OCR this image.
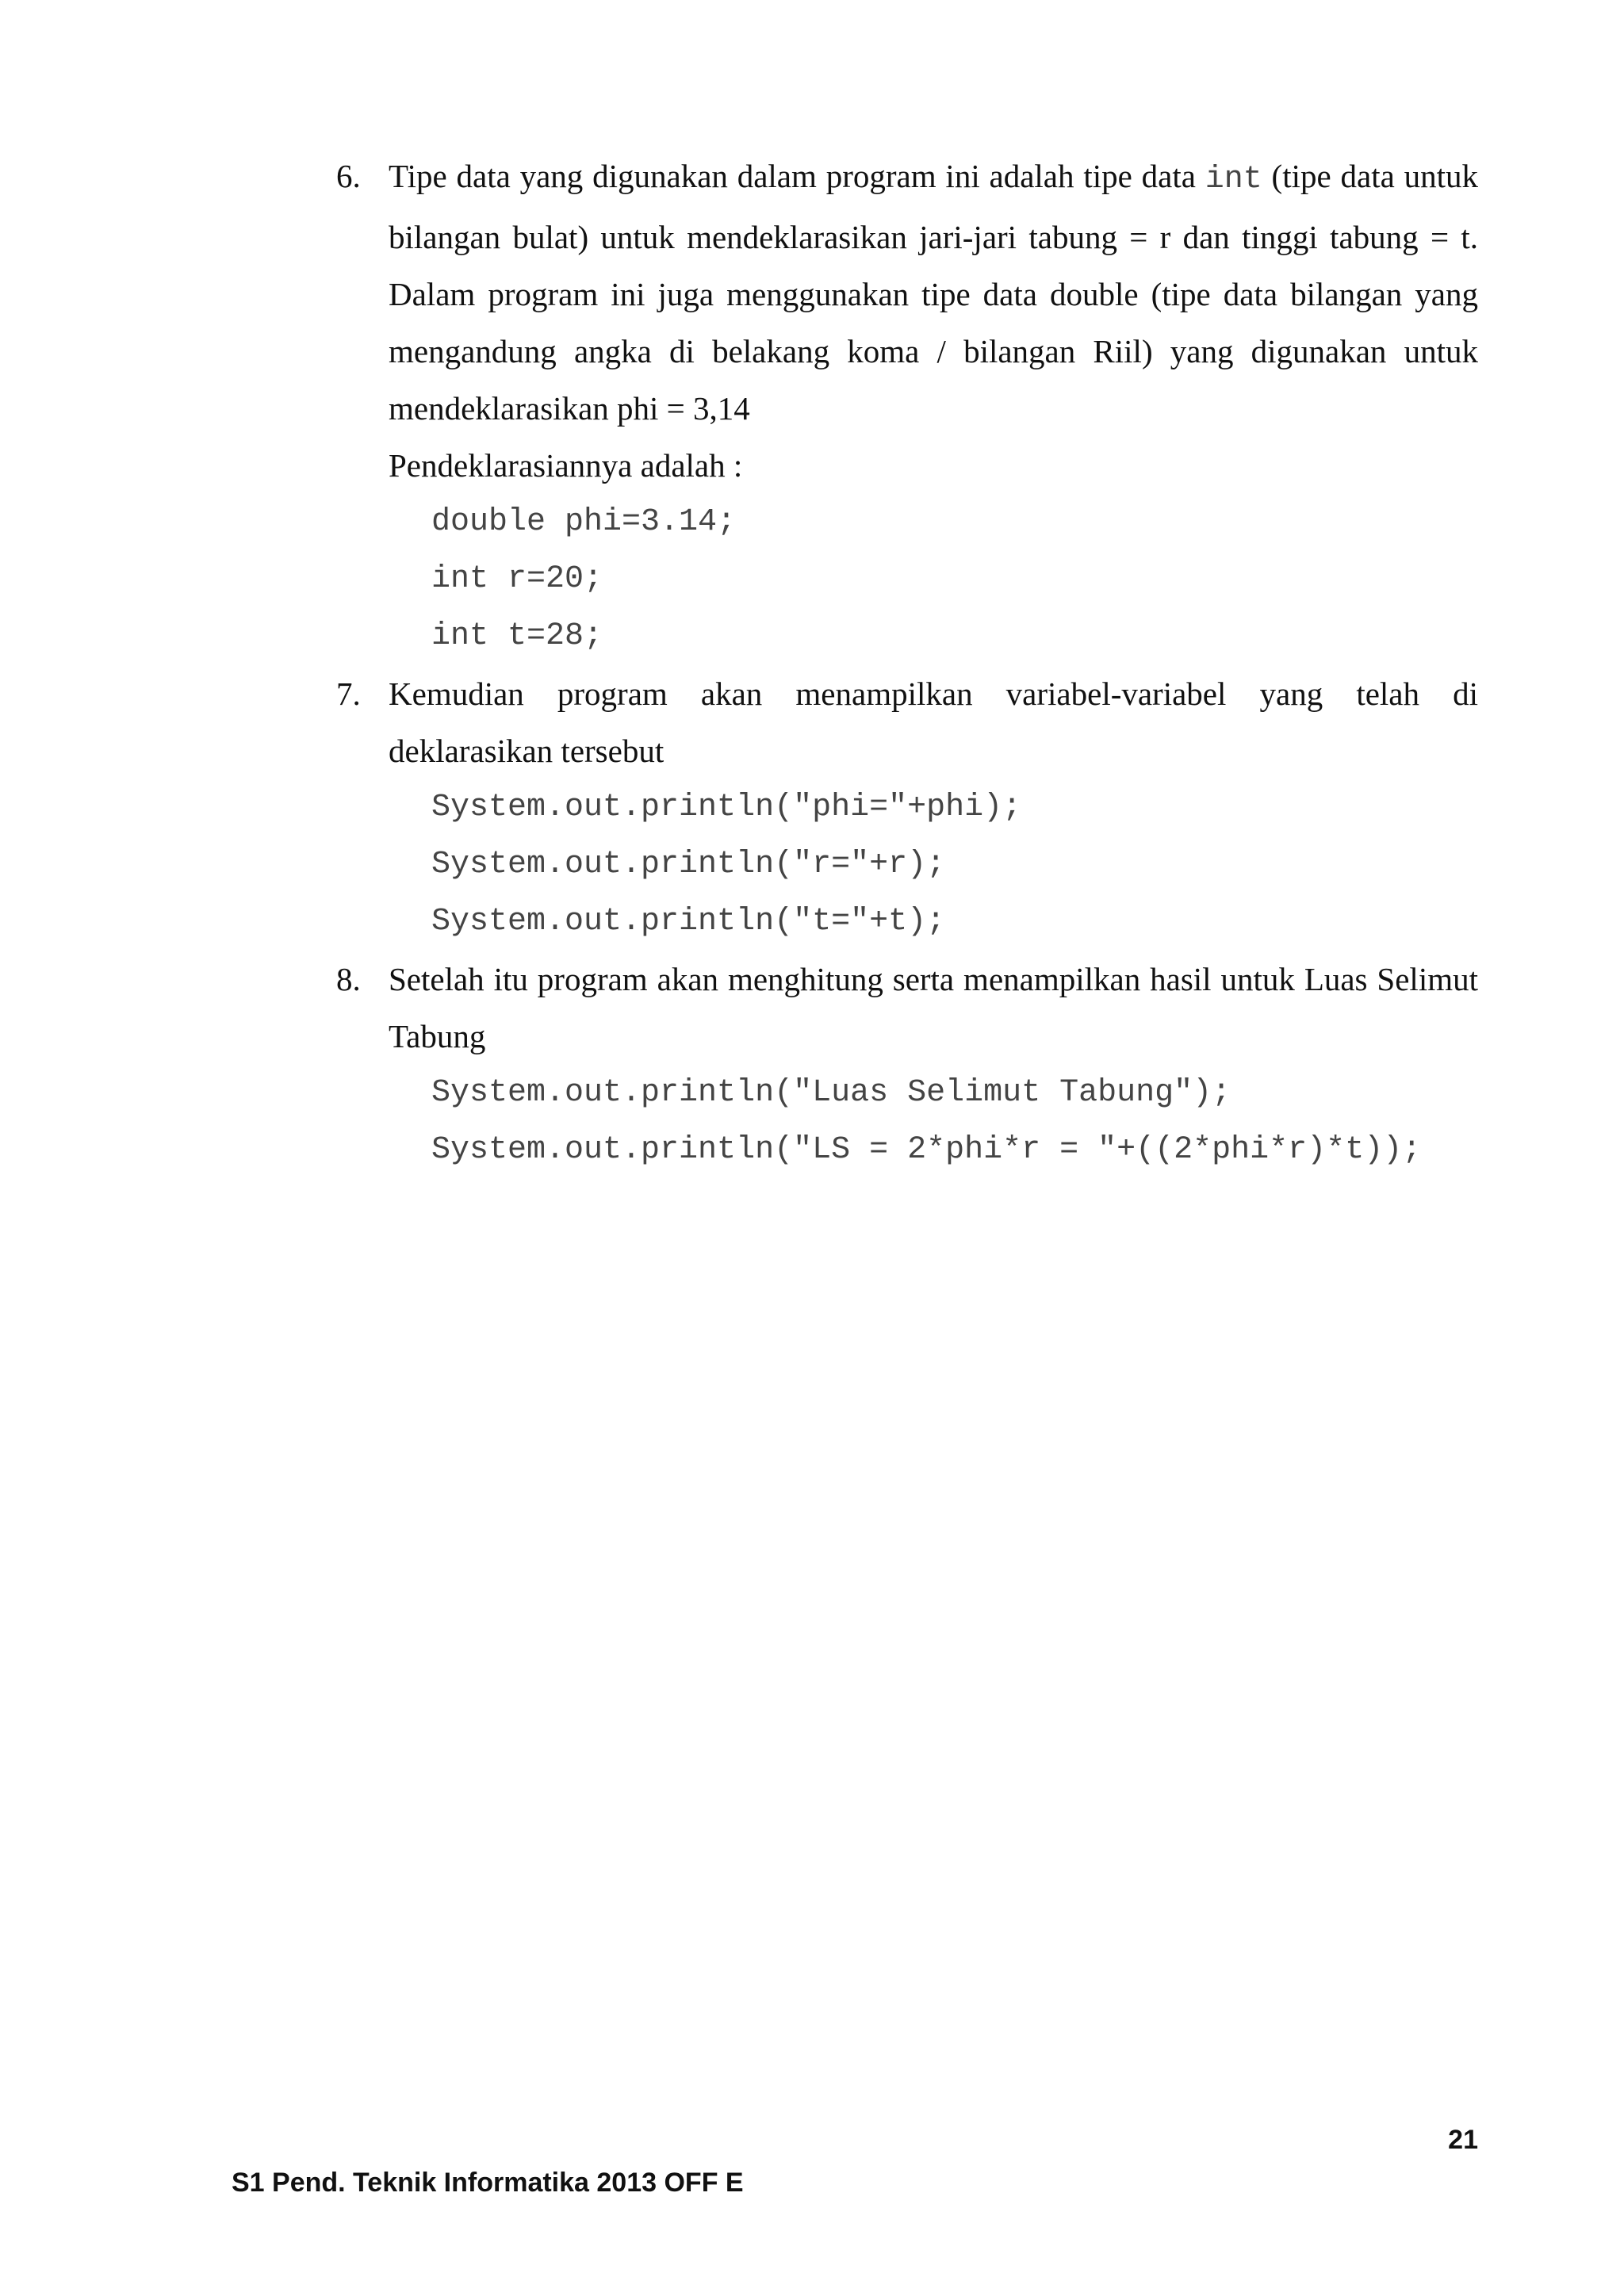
6. Tipe data yang digunakan dalam program ini adalah tipe data int (tipe data untuk bilangan bulat) untuk mendeklarasikan jari-jari tabung = r dan tinggi tabung = t. Dalam program ini juga menggunakan tipe data double (tipe data bilangan yang mengandung angka di belakang koma / bilangan Riil) yang digunakan untuk mendeklarasikan phi = 3,14
Pendeklarasiannya adalah :
double phi=3.14;
int r=20;
int t=28;
7. Kemudian program akan menampilkan variabel-variabel yang telah di
deklarasikan tersebut
System.out.println("phi="+phi);
System.out.println("r="+r);
System.out.println("t="+t);
8. Setelah itu program akan menghitung serta menampilkan hasil untuk Luas Selimut Tabung
System.out.println("Luas Selimut Tabung");
System.out.println("LS = 2*phi*r = "+((2*phi*r)*t));
21
S1 Pend. Teknik Informatika 2013 OFF E
